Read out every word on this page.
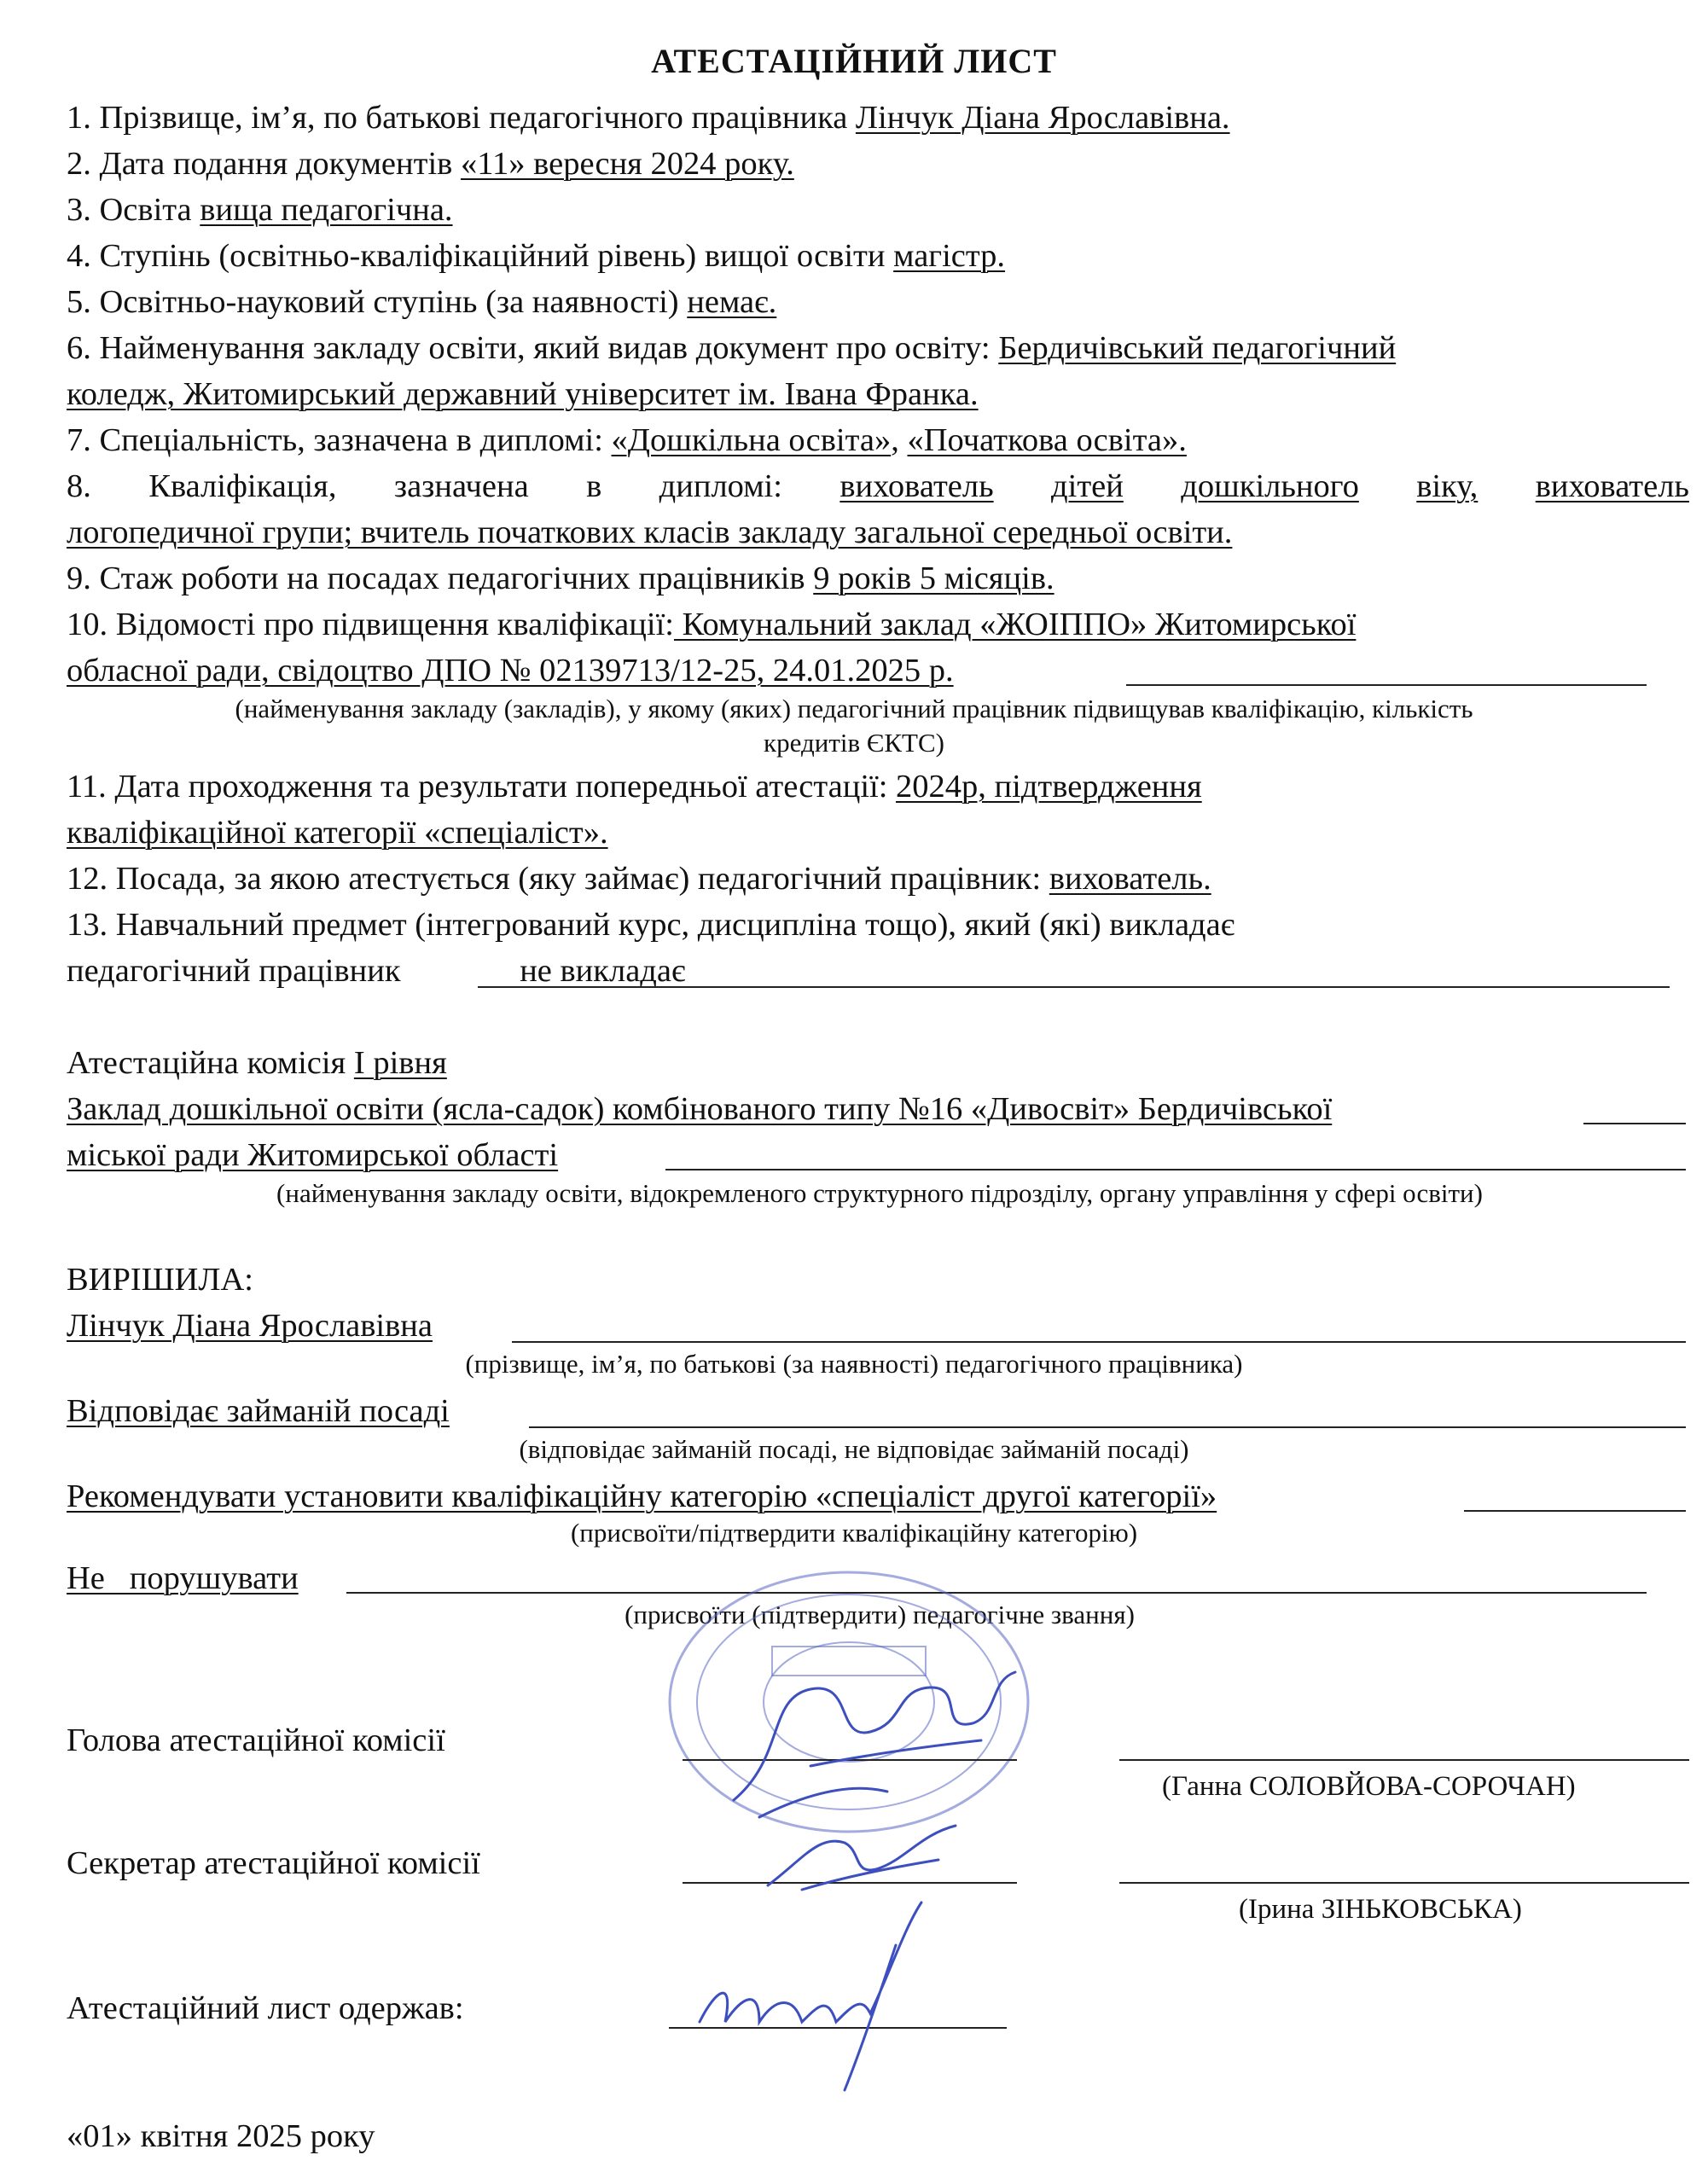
АТЕСТАЦІЙНИЙ ЛИСТ
1. Прізвище, ім’я, по батькові педагогічного працівника Лінчук Діана Ярославівна.
2. Дата подання документів «11» вересня 2024 року.
3. Освіта вища педагогічна.
4. Ступінь (освітньо-кваліфікаційний рівень) вищої освіти магістр.
5. Освітньо-науковий ступінь (за наявності) немає.
6. Найменування закладу освіти, який видав документ про освіту: Бердичівський педагогічний
коледж, Житомирський державний університет ім. Івана Франка.
7. Спеціальність, зазначена в дипломі: «Дошкільна освіта», «Початкова освіта».
8. Кваліфікація, зазначена в дипломі: вихователь дітей дошкільного віку, вихователь
логопедичної групи; вчитель початкових класів закладу загальної середньої освіти.
9. Стаж роботи на посадах педагогічних працівників 9 років 5 місяців.
10. Відомості про підвищення кваліфікації: Комунальний заклад «ЖОІППО» Житомирської
обласної ради, свідоцтво ДПО № 02139713/12-25, 24.01.2025 р.
(найменування закладу (закладів), у якому (яких) педагогічний працівник підвищував кваліфікацію, кількість
кредитів ЄКТС)
11. Дата проходження та результати попередньої атестації: 2024р, підтвердження
кваліфікаційної категорії «спеціаліст».
12. Посада, за якою атестується (яку займає) педагогічний працівник: вихователь.
13. Навчальний предмет (інтегрований курс, дисципліна тощо), який (які) викладає
педагогічний працівник	не викладає
Атестаційна комісія I рівня
Заклад дошкільної освіти (ясла-садок) комбінованого типу №16 «Дивосвіт» Бердичівської
міської ради Житомирської області
(найменування закладу освіти, відокремленого структурного підрозділу, органу управління у сфері освіти)
ВИРІШИЛА:
Лінчук Діана Ярославівна
(прізвище, ім’я, по батькові (за наявності) педагогічного працівника)
Відповідає займаній посаді
(відповідає займаній посаді, не відповідає займаній посаді)
Рекомендувати установити кваліфікаційну категорію «спеціаліст другої категорії»
(присвоїти/підтвердити кваліфікаційну категорію)
Не   порушувати
(присвоїти (підтвердити) педагогічне звання)
Голова атестаційної комісії
(Ганна СОЛОВЙОВА-СОРОЧАН)
Секретар атестаційної комісії
(Ірина ЗІНЬКОВСЬКА)
Атестаційний лист одержав:
«01» квітня 2025 року
